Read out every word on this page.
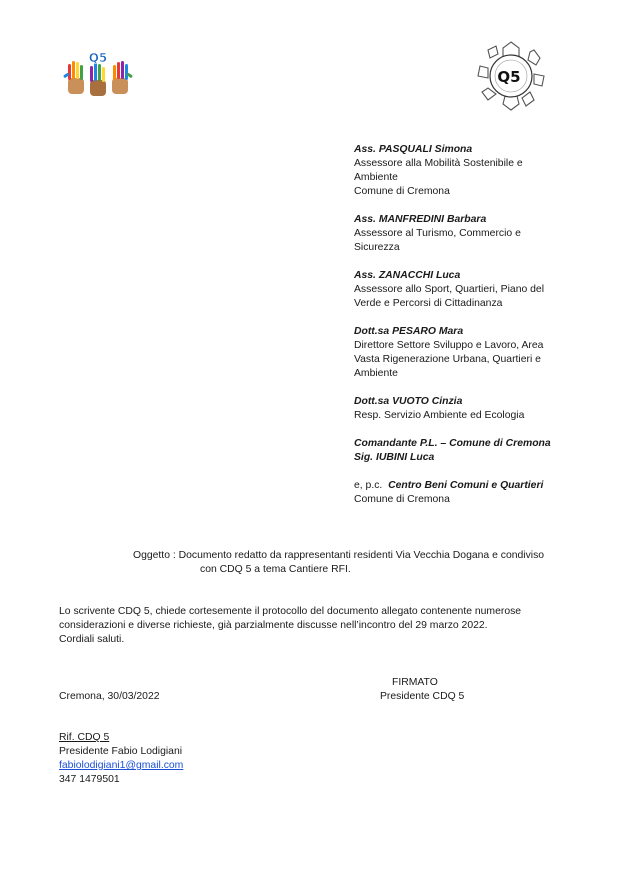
Q5
Q5
Ass. PASQUALI Simona
Assessore alla Mobilità Sostenibile e
Ambiente
Comune di Cremona
Ass. MANFREDINI Barbara
Assessore al Turismo, Commercio e
Sicurezza
Ass. ZANACCHI Luca
Assessore allo Sport, Quartieri, Piano del
Verde e Percorsi di Cittadinanza
Dott.sa PESARO Mara
Direttore Settore Sviluppo e Lavoro, Area
Vasta Rigenerazione Urbana, Quartieri e
Ambiente
Dott.sa VUOTO Cinzia
Resp. Servizio Ambiente ed Ecologia
Comandante P.L. – Comune di Cremona
Sig. IUBINI Luca
e, p.c. Centro Beni Comuni e Quartieri
Comune di Cremona
Oggetto : Documento redatto da rappresentanti residenti Via Vecchia Dogana e condiviso
con CDQ 5 a tema Cantiere RFI.
Lo scrivente CDQ 5, chiede cortesemente il protocollo del documento allegato contenente numerose
considerazioni e diverse richieste, già parzialmente discusse nell’incontro del 29 marzo 2022.
Cordiali saluti.
FIRMATO
Presidente CDQ 5
Cremona, 30/03/2022
Rif. CDQ 5
Presidente Fabio Lodigiani
fabiolodigiani1@gmail.com
347 1479501
